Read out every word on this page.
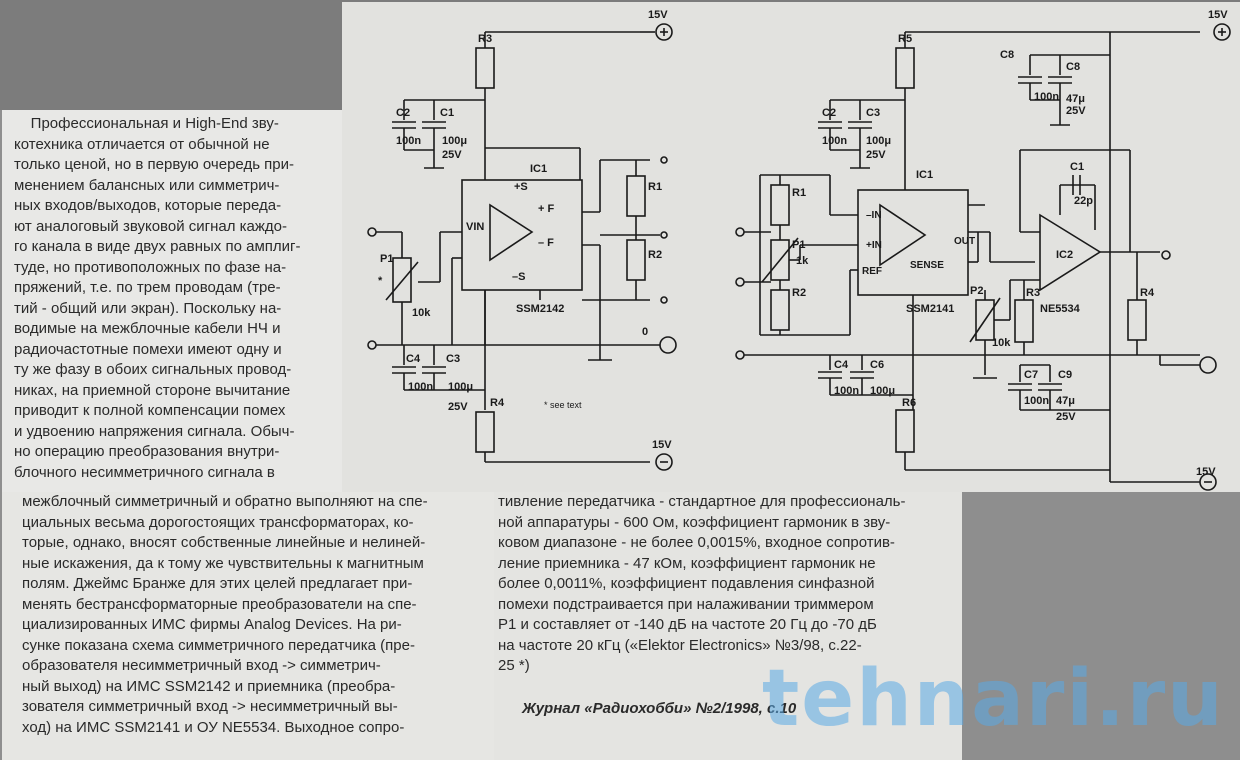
15V	15V
15V
15V
0
R3
C2
100n
C1
100μ
25V
IC1
SSM2142
R1
R2
P1
10k
C4
100n
C3
100μ
25V R4	* see text
VIN
+S
+ F
– F
–S
*
R5
C2
100n
C3
100μ
25V
C8
100n
C8
47μ
25V
IC1
IC2
SSM2141	NE5534
R1
R2
P1
1k
C1
22p
P2
10k
R3	R4
C4
100n
C6
100μ
C7
100n
C9
47μ
25V
R6
–IN
+IN
REF
OUT
SENSE
Профессиональная и High-End зву-
котехника отличается от обычной не
только ценой, но в первую очередь при-
менением балансных или симметрич-
ных входов/выходов, которые переда-
ют аналоговый звуковой сигнал каждо-
го канала в виде двух равных по амплиг-
туде, но противоположных по фазе на-
пряжений, т.е. по трем проводам (тре-
тий - общий или экран). Поскольку на-
водимые на межблочные кабели НЧ и
радиочастотные помехи имеют одну и
ту же фазу в обоих сигнальных провод-
никах, на приемной стороне вычитание
приводит к полной компенсации помех
и удвоению напряжения сигнала. Обыч-
но операцию преобразования внутри-
блочного несимметричного сигнала в
межблочный симметричный и обратно выполняют на спе-
циальных весьма дорогостоящих трансформаторах, ко-
торые, однако, вносят собственные линейные и нелиней-
ные искажения, да к тому же чувствительны к магнитным
полям. Джеймс Бранже для этих целей предлагает при-
менять бестрансформаторные преобразователи на спе-
циализированных ИМС фирмы Analog Devices. На ри-
сунке показана схема симметричного передатчика (пре-
образователя несимметричный вход -> симметрич-
ный выход) на ИМС SSM2142 и приемника (преобра-
зователя симметричный вход -> несимметричный вы-
ход) на ИМС SSM2141 и ОУ NE5534. Выходное сопро-
тивление передатчика - стандартное для профессиональ-
ной аппаратуры - 600 Ом, коэффициент гармоник в зву-
ковом диапазоне - не более 0,0015%, входное сопротив-
ление приемника - 47 кОм, коэффициент гармоник не
более 0,0011%, коэффициент подавления синфазной
помехи подстраивается при налаживании триммером
Р1 и составляет от -140 дБ на частоте 20 Гц до -70 дБ
на частоте 20 кГц («Elektor Electronics» №3/98, с.22-
25 *)
Журнал «Радиохобби» №2/1998, с.10
tehnari.ru
